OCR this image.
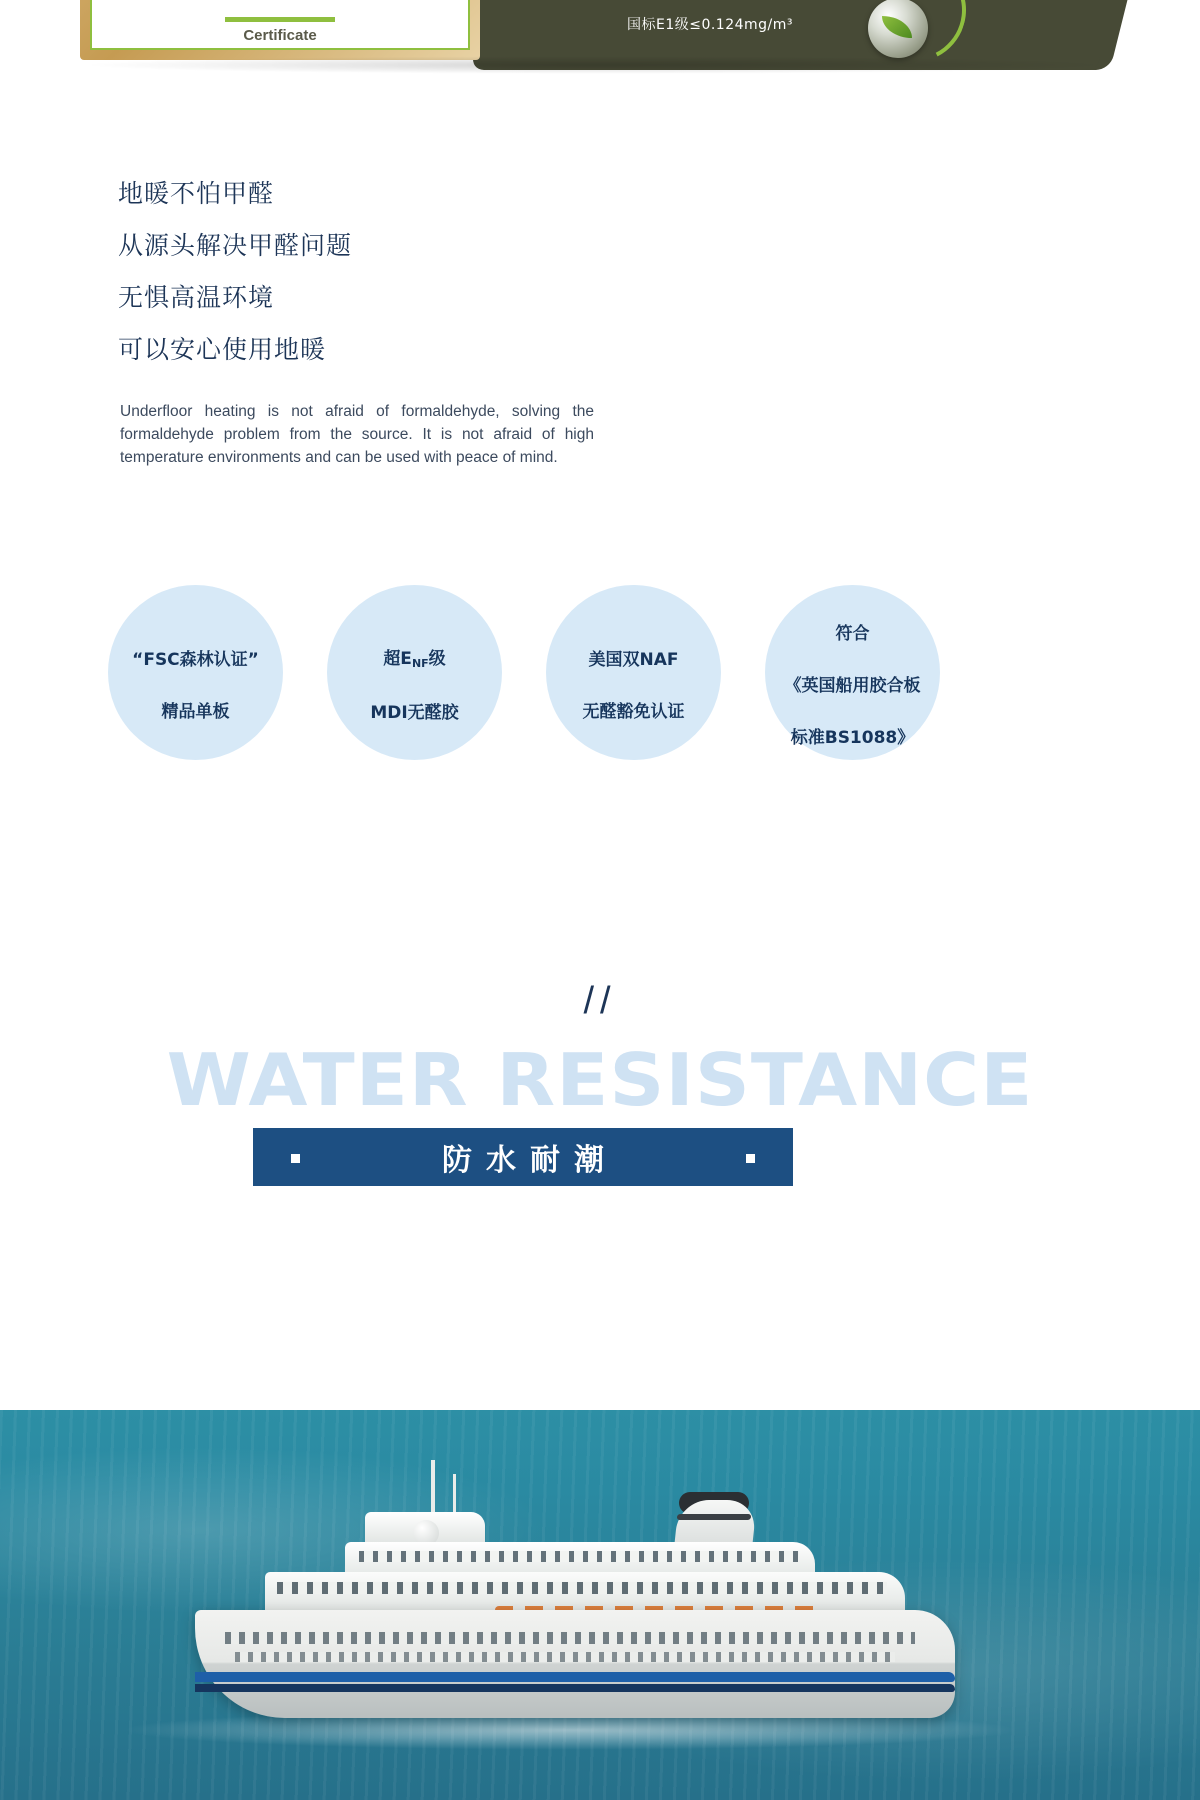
Certificate
国标E1级≤0.124mg/m³
地暖不怕甲醛
从源头解决甲醛问题
无惧高温环境
可以安心使用地暖
Underfloor heating is not afraid of formaldehyde, solving the formaldehyde problem from the source. It is not afraid of high temperature environments and can be used with peace of mind.

“FSC森林认证”

精品单板

超$E_{NF}$级

MDI无醛胶

美国双NAF

无醛豁免认证

符合

《英国船用胶合板

标准BS1088》

//
WATER RESISTANCE
防水耐潮
